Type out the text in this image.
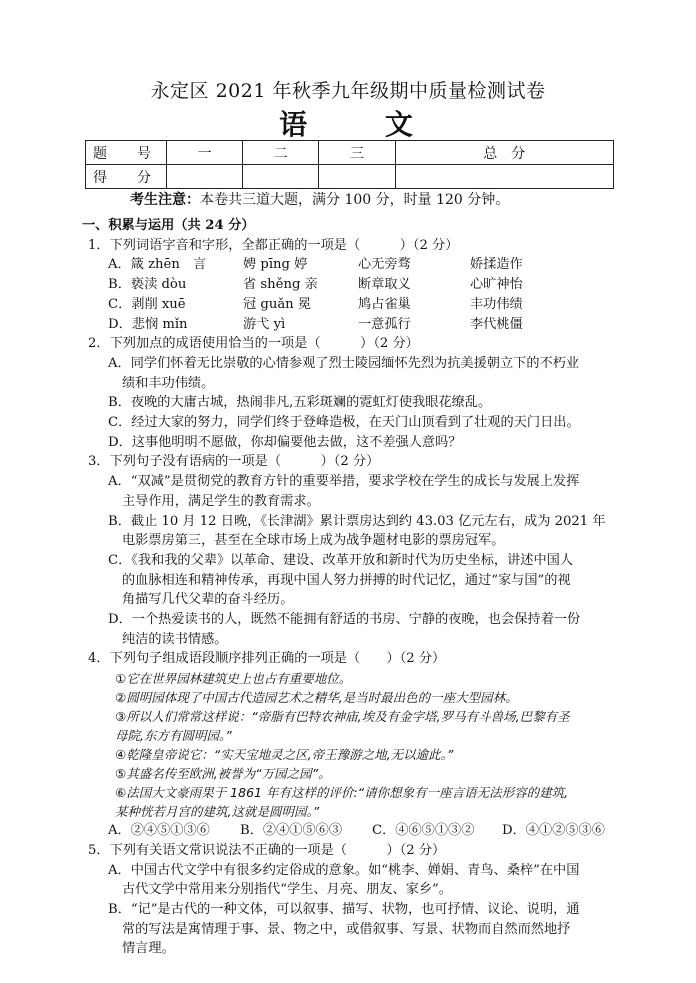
永定区 2021 年秋季九年级期中质量检测试卷
语 文
题　号	一	二	三	总　分
得　分				
考生注意：本卷共三道大题，满分 100 分，时量 120 分钟。
一、积累与运用（共 24 分）
1．下列词语字音和字形，全都正确的一项是（　　　）（2 分）
A．箴 zhēn　言	娉 pīng 婷	心无旁骛	娇揉造作
B．亵渎 dòu	省 shěng 亲	断章取义	心旷神怡
C．剥削 xuē	冠 guǎn 冕	鸠占雀巢	丰功伟绩
D．悲悯 mǐn	游弋 yì	一意孤行	李代桃僵
2．下列加点的成语使用恰当的一项是（　　　）（2 分）
A．同学们怀着无比崇敬的心情参观了烈士陵园缅怀先烈为抗美援朝立下的不朽业
绩和丰功伟绩。
B．夜晚的大庸古城，热闹非凡,五彩斑斓的霓虹灯使我眼花缭乱。
C．经过大家的努力，同学们终于登峰造极，在天门山顶看到了壮观的天门日出。
D．这事他明明不愿做，你却偏要他去做，这不差强人意吗？
3．下列句子没有语病的一项是（　　　）（2 分）
A．“双减”是贯彻党的教育方针的重要举措，要求学校在学生的成长与发展上发挥
主导作用，满足学生的教育需求。
B．截止 10 月 12 日晚，《长津湖》累计票房达到约 43.03 亿元左右，成为 2021 年
电影票房第三，甚至在全球市场上成为战争题材电影的票房冠军。
C．《我和我的父辈》以革命、建设、改革开放和新时代为历史坐标，讲述中国人
的血脉相连和精神传承，再现中国人努力拼搏的时代记忆，通过“家与国”的视
角描写几代父辈的奋斗经历。
D．一个热爱读书的人，既然不能拥有舒适的书房、宁静的夜晚，也会保持着一份
纯洁的读书情感。
4．下列句子组成语段顺序排列正确的一项是（　　）（2 分）
①它在世界园林建筑史上也占有重要地位。
②圆明园体现了中国古代造园艺术之精华,是当时最出色的一座大型园林。
③所以人们常常这样说：“帝脂有巴特农神庙,埃及有金字塔,罗马有斗兽场,巴黎有圣
母院,东方有圆明园。”
④乾隆皇帝说它：“实天宝地灵之区,帝王豫游之地,无以逾此。”
⑤其盛名传至欧洲,被誉为“万园之园”。
⑥法国大文豪雨果于 1861 年有这样的评价:“请你想象有一座言语无法形容的建筑,
某种恍若月宫的建筑,这就是圆明园。”
A．②④⑤①③⑥	B．②④①⑤⑥③	C．④⑥⑤①③②	D．④①②⑤③⑥
5．下列有关语文常识说法不正确的一项是（　　　）（2 分）
A．中国古代文学中有很多约定俗成的意象。如“桃李、婵娟、青鸟、桑梓”在中国
古代文学中常用来分别指代“学生、月亮、朋友、家乡”。
B．“记”是古代的一种文体，可以叙事、描写、状物，也可抒情、议论、说明，通
常的写法是寓情理于事、景、物之中，或借叙事、写景、状物而自然而然地抒
情言理。
